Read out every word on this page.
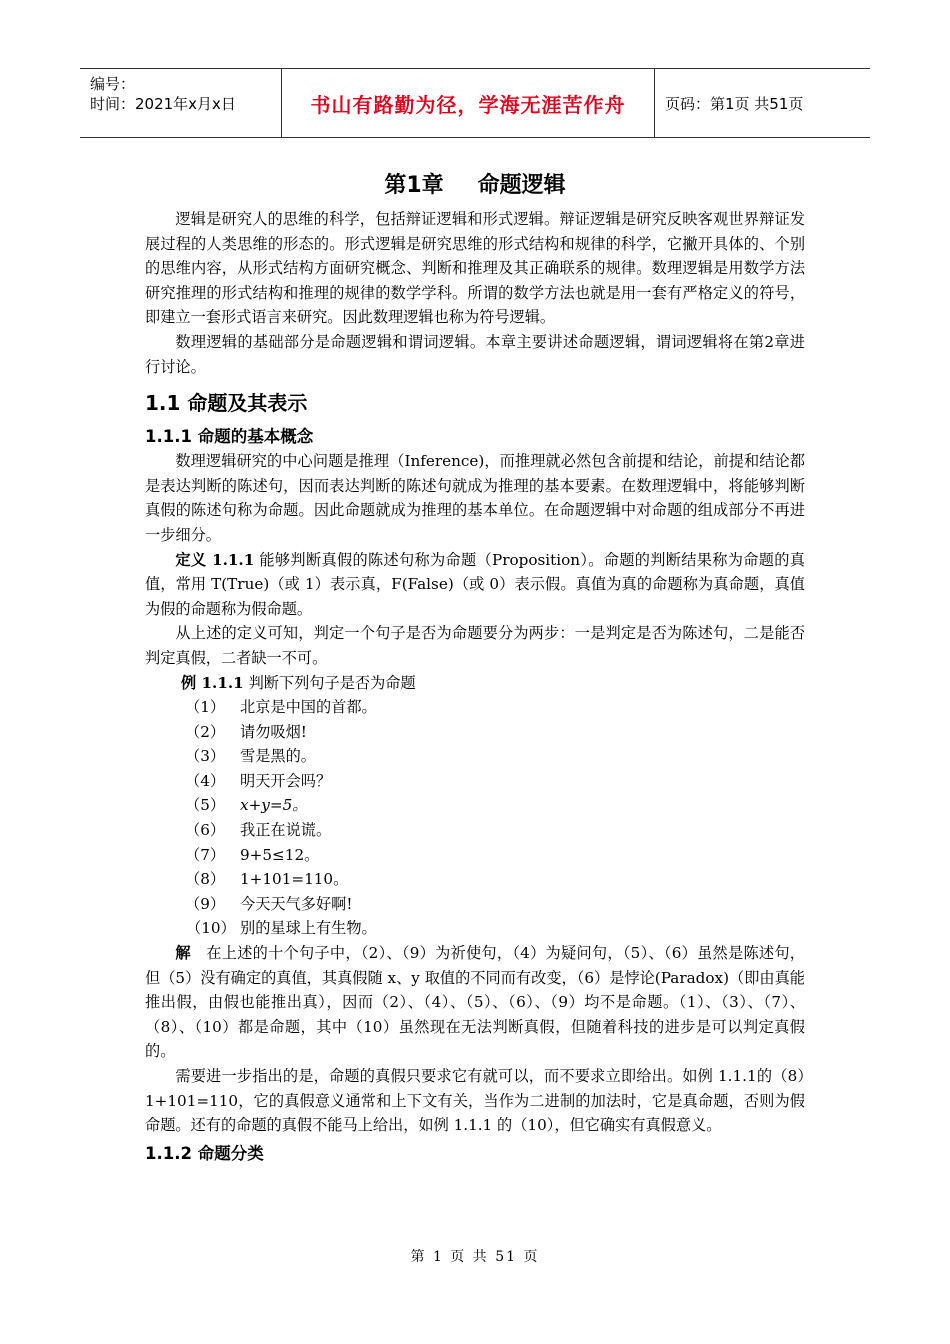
编号：
时间：2021年x月x日	书山有路勤为径，学海无涯苦作舟	页码：第1页 共51页
第1章 命题逻辑

逻辑是研究人的思维的科学，包括辩证逻辑和形式逻辑。辩证逻辑是研究反映客观世界辩证发展过程的人类思维的形态的。形式逻辑是研究思维的形式结构和规律的科学，它撇开具体的、个别的思维内容，从形式结构方面研究概念、判断和推理及其正确联系的规律。数理逻辑是用数学方法研究推理的形式结构和推理的规律的数学学科。所谓的数学方法也就是用一套有严格定义的符号，即建立一套形式语言来研究。因此数理逻辑也称为符号逻辑。

数理逻辑的基础部分是命题逻辑和谓词逻辑。本章主要讲述命题逻辑，谓词逻辑将在第2章进行讨论。

1.1 命题及其表示
1.1.1 命题的基本概念

数理逻辑研究的中心问题是推理（Inference)，而推理就必然包含前提和结论，前提和结论都是表达判断的陈述句，因而表达判断的陈述句就成为推理的基本要素。在数理逻辑中，将能够判断真假的陈述句称为命题。因此命题就成为推理的基本单位。在命题逻辑中对命题的组成部分不再进一步细分。

定义 1.1.1 能够判断真假的陈述句称为命题（Proposition）。命题的判断结果称为命题的真值，常用 T(True)（或 1）表示真，F(False)（或 0）表示假。真值为真的命题称为真命题，真值为假的命题称为假命题。

从上述的定义可知，判定一个句子是否为命题要分为两步：一是判定是否为陈述句，二是能否判定真假，二者缺一不可。

例 1.1.1 判断下列句子是否为命题

（1） 北京是中国的首都。
（2） 请勿吸烟!
（3） 雪是黑的。
（4） 明天开会吗？
（5） x+y=5。
（6） 我正在说谎。
（7） 9+5≤12。
（8） 1+101=110。
（9） 今天天气多好啊!
（10） 别的星球上有生物。

解　在上述的十个句子中，（2）、（9）为祈使句，（4）为疑问句，（5）、（6）虽然是陈述句，但（5）没有确定的真值，其真假随 x、y 取值的不同而有改变，（6）是悖论(Paradox)（即由真能推出假，由假也能推出真），因而（2）、（4）、（5）、（6）、（9）均不是命题。（1）、（3）、（7）、（8）、（10）都是命题，其中（10）虽然现在无法判断真假，但随着科技的进步是可以判定真假的。

需要进一步指出的是，命题的真假只要求它有就可以，而不要求立即给出。如例 1.1.1的（8）1+101=110，它的真假意义通常和上下文有关，当作为二进制的加法时，它是真命题，否则为假命题。还有的命题的真假不能马上给出，如例 1.1.1 的（10），但它确实有真假意义。

1.1.2 命题分类
第 1 页 共 51 页
